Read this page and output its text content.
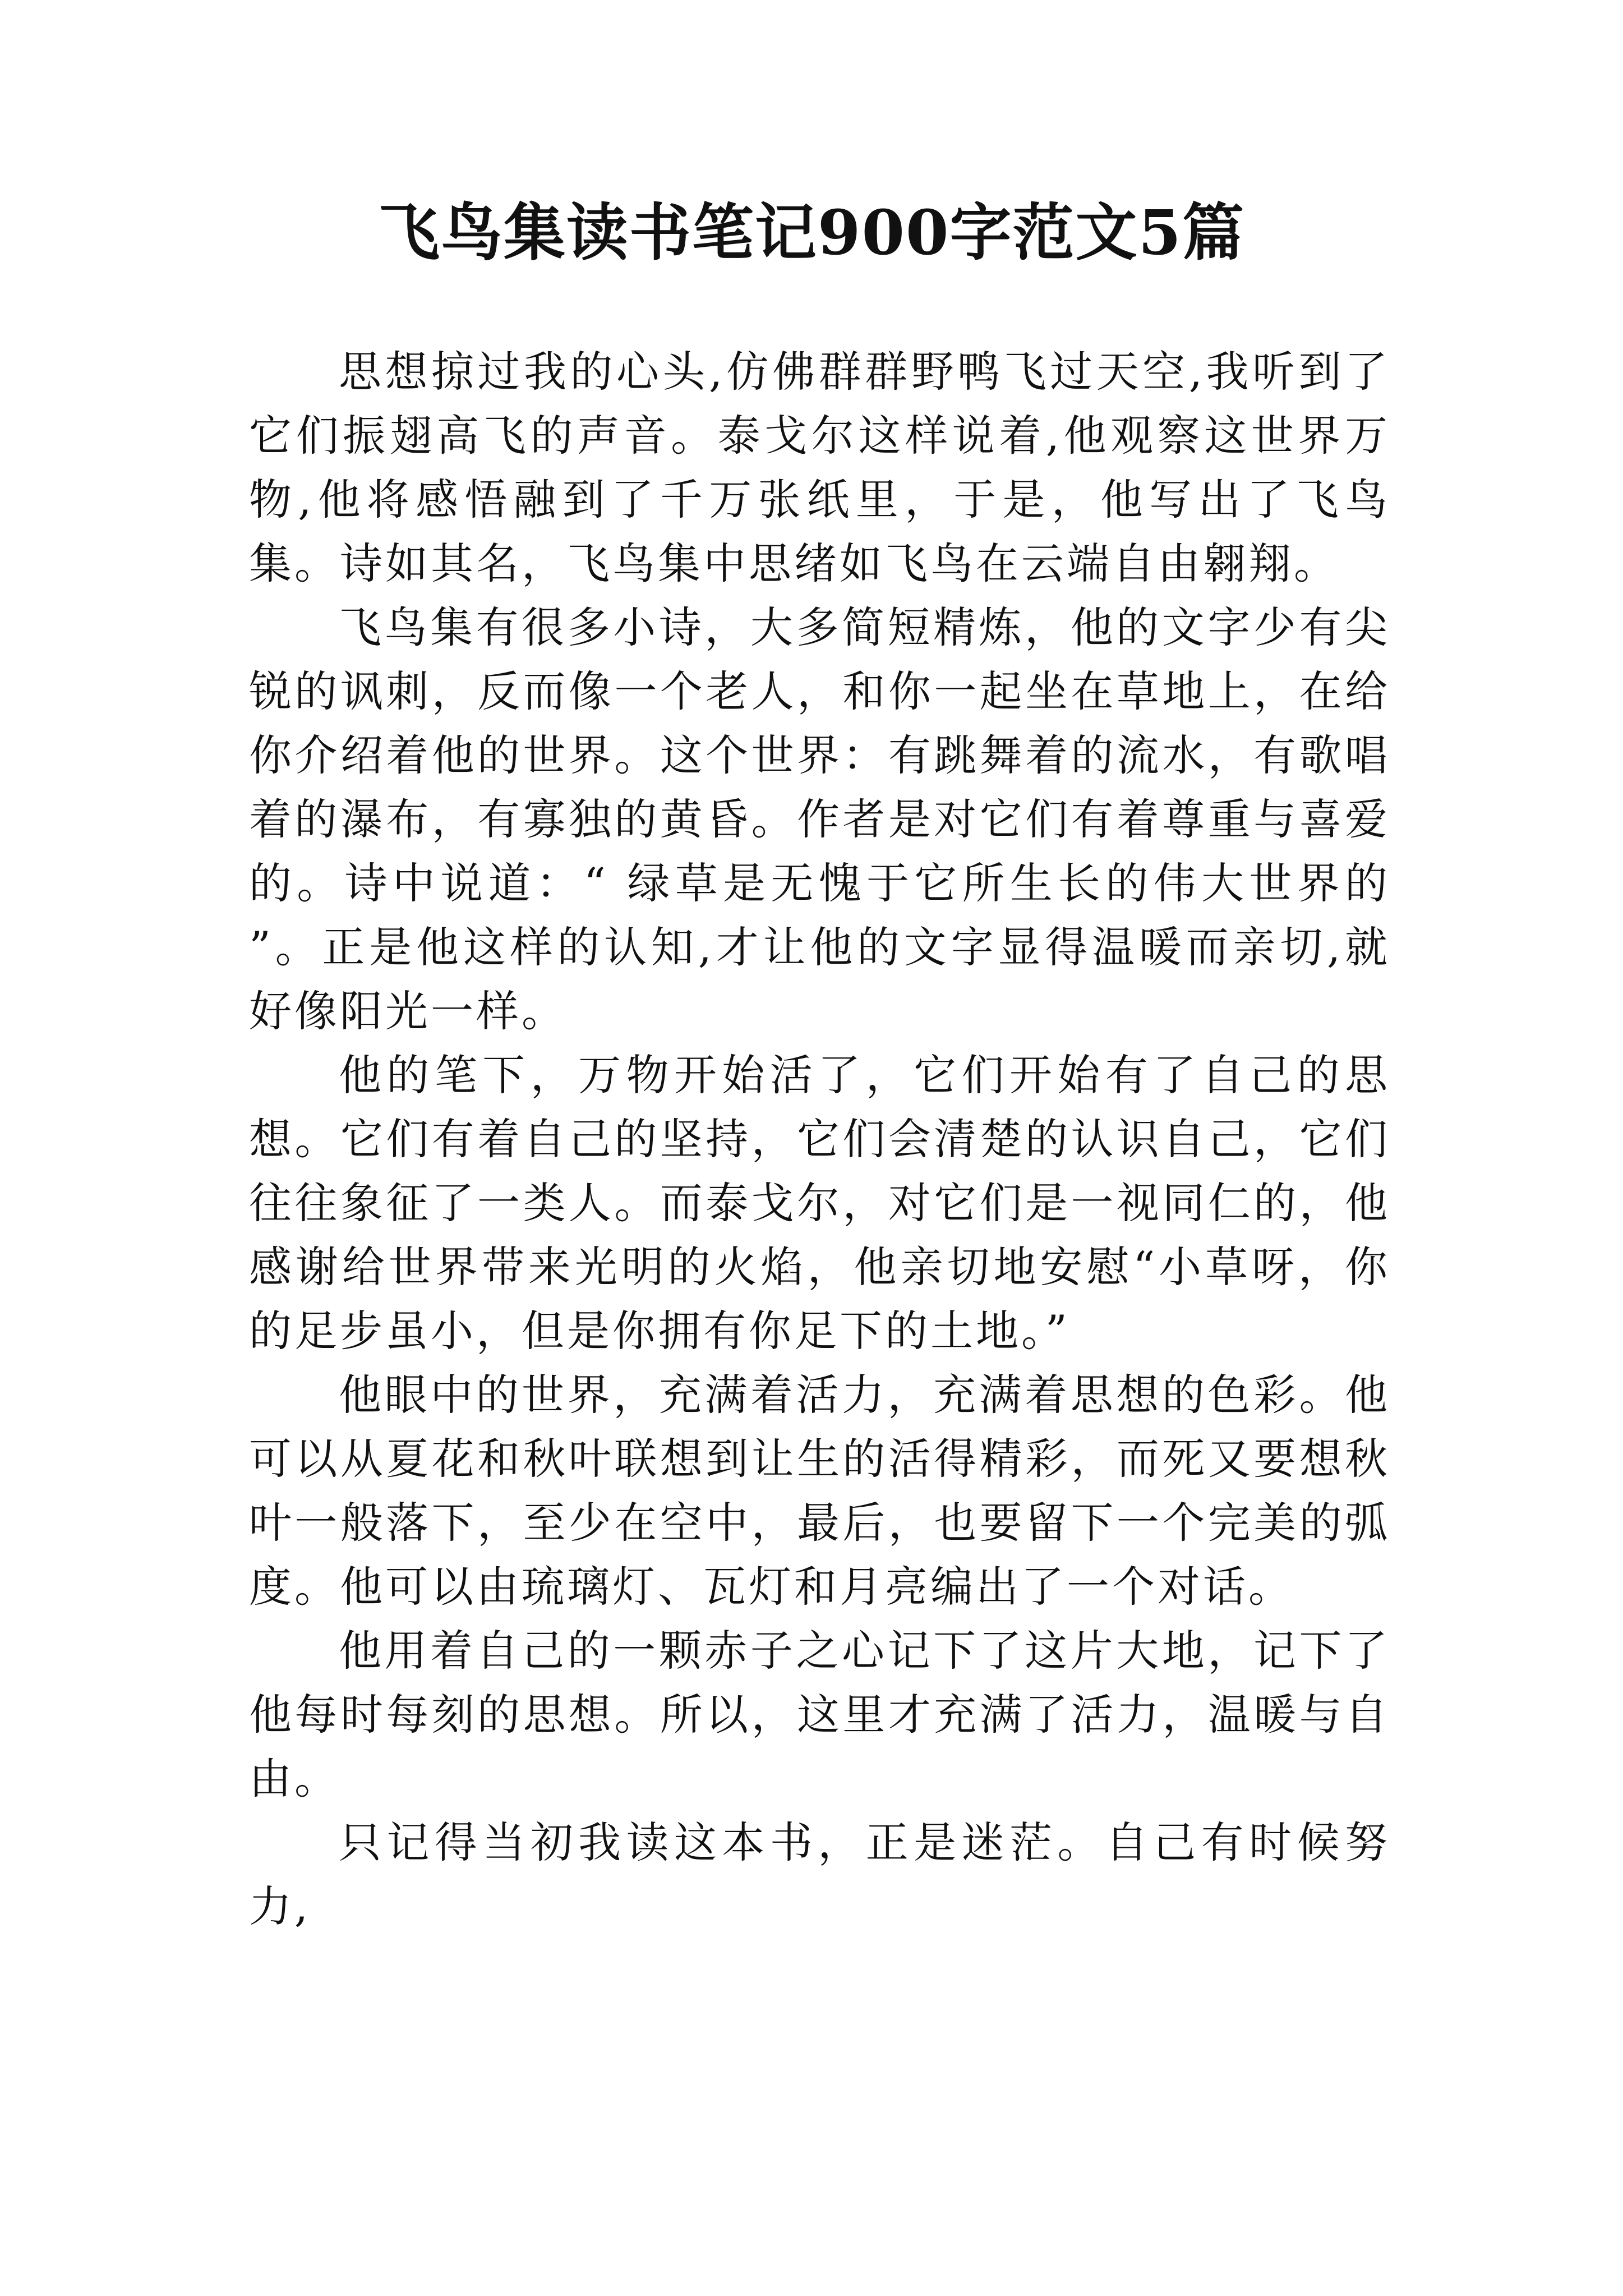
飞鸟集读书笔记900字范文5篇

思想掠过我的心头,仿佛群群野鸭飞过天空,我听到了它们振翅高飞的声音。泰戈尔这样说着,他观察这世界万物,他将感悟融到了千万张纸里，于是，他写出了飞鸟集。诗如其名，飞鸟集中思绪如飞鸟在云端自由翱翔。

飞鸟集有很多小诗，大多简短精炼，他的文字少有尖锐的讽刺，反而像一个老人，和你一起坐在草地上，在给你介绍着他的世界。这个世界：有跳舞着的流水，有歌唱着的瀑布，有寡独的黄昏。作者是对它们有着尊重与喜爱的。诗中说道：“ 绿草是无愧于它所生长的伟大世界的 ”。正是他这样的认知,才让他的文字显得温暖而亲切,就好像阳光一样。

他的笔下，万物开始活了，它们开始有了自己的思想。它们有着自己的坚持，它们会清楚的认识自己，它们往往象征了一类人。而泰戈尔，对它们是一视同仁的，他感谢给世界带来光明的火焰，他亲切地安慰“小草呀，你的足步虽小，但是你拥有你足下的土地。”

他眼中的世界，充满着活力，充满着思想的色彩。他可以从夏花和秋叶联想到让生的活得精彩，而死又要想秋叶一般落下，至少在空中，最后，也要留下一个完美的弧度。他可以由琉璃灯、瓦灯和月亮编出了一个对话。

他用着自己的一颗赤子之心记下了这片大地，记下了他每时每刻的思想。所以，这里才充满了活力，温暖与自由。

只记得当初我读这本书，正是迷茫。自己有时候努力,
